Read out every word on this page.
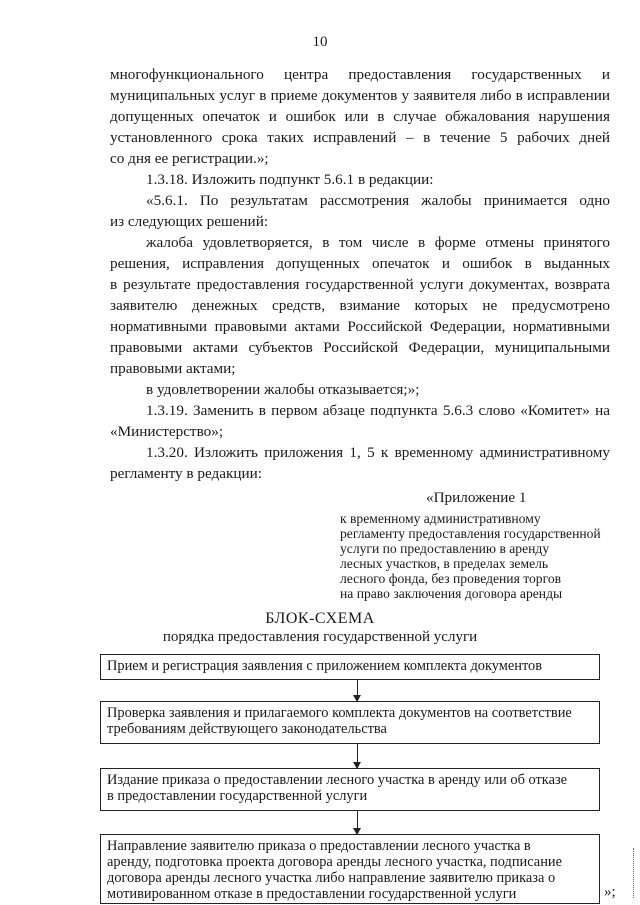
10
многофункционального центра предоставления государственных и
муниципальных услуг в приеме документов у заявителя либо в исправлении
допущенных опечаток и ошибок или в случае обжалования нарушения
установленного срока таких исправлений – в течение 5 рабочих дней
со дня ее регистрации.»;
1.3.18. Изложить подпункт 5.6.1 в редакции:
«5.6.1. По результатам рассмотрения жалобы принимается одно
из следующих решений:
жалоба удовлетворяется, в том числе в форме отмены принятого
решения, исправления допущенных опечаток и ошибок в выданных
в результате предоставления государственной услуги документах, возврата
заявителю денежных средств, взимание которых не предусмотрено
нормативными правовыми актами Российской Федерации, нормативными
правовыми актами субъектов Российской Федерации, муниципальными
правовыми актами;
в удовлетворении жалобы отказывается;»;
1.3.19. Заменить в первом абзаце подпункта 5.6.3 слово «Комитет» на
«Министерство»;
1.3.20. Изложить приложения 1, 5 к временному административному
регламенту в редакции:
«Приложение 1
к временному административному
регламенту предоставления государственной
услуги по предоставлению в аренду
лесных участков, в пределах земель
лесного фонда, без проведения торгов
на право заключения договора аренды
БЛОК-СХЕМА
порядка предоставления государственной услуги
Прием и регистрация заявления с приложением комплекта документов
Проверка заявления и прилагаемого комплекта документов на соответствие
требованиям действующего законодательства
Издание приказа о предоставлении лесного участка в аренду или об отказе
в предоставлении государственной услуги
Направление заявителю приказа о предоставлении лесного участка в
аренду, подготовка проекта договора аренды лесного участка, подписание
договора аренды лесного участка либо направление заявителю приказа о
мотивированном отказе в предоставлении государственной услуги	»;
